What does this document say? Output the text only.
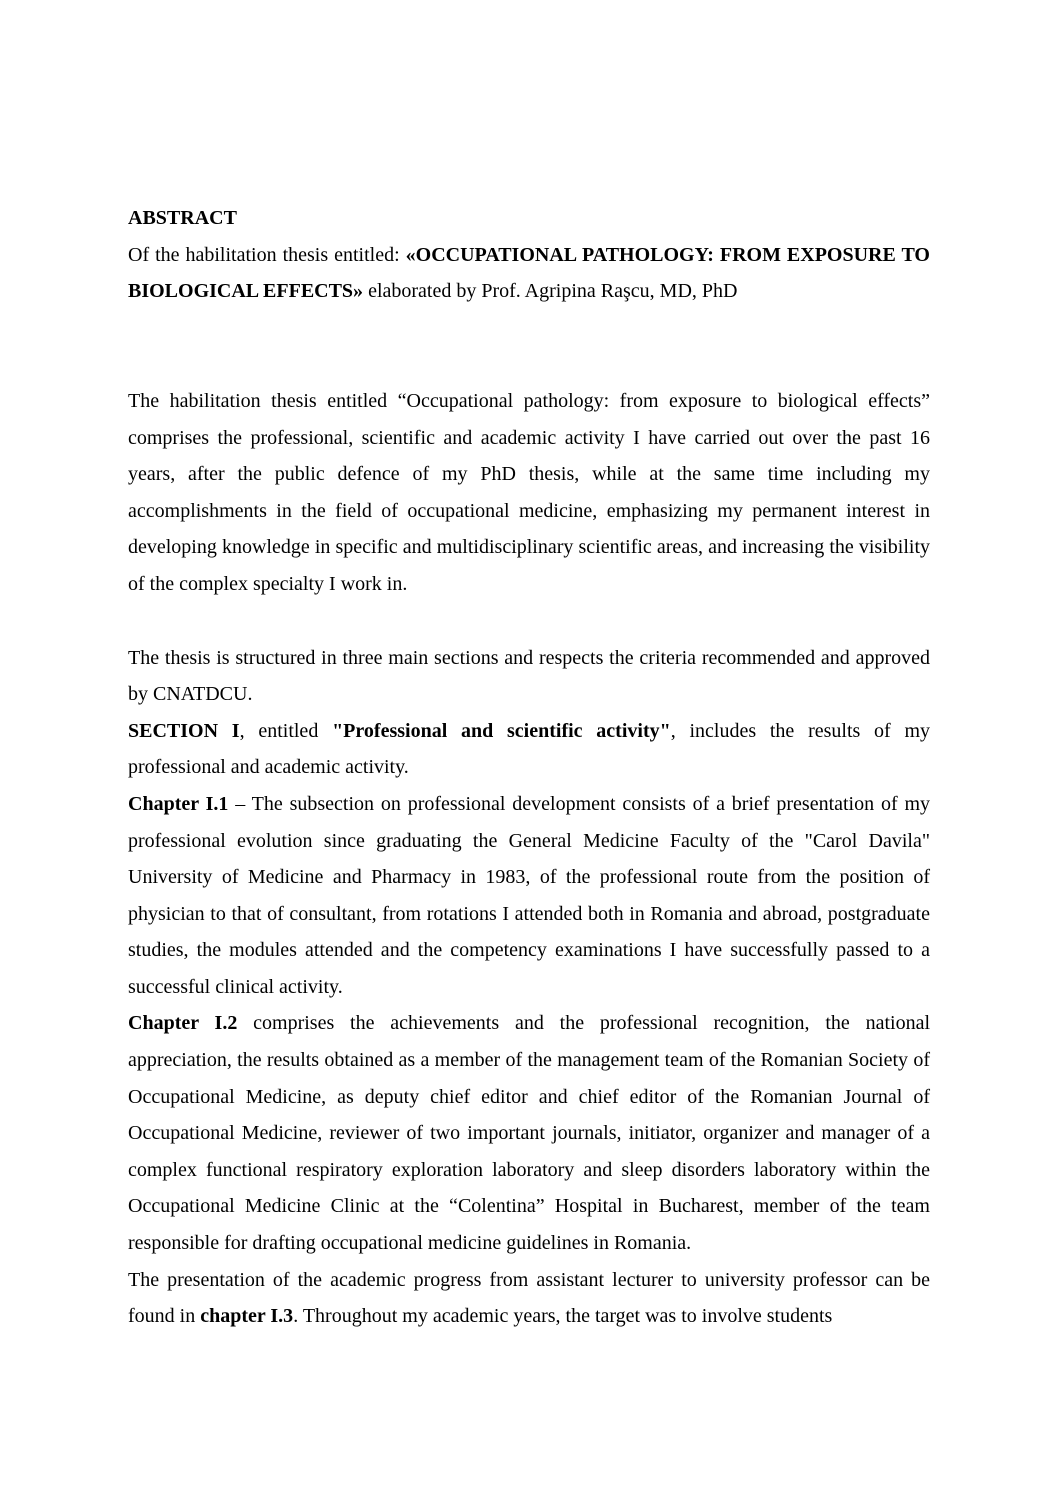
ABSTRACT

Of the habilitation thesis entitled: «OCCUPATIONAL PATHOLOGY: FROM EXPOSURE TO BIOLOGICAL EFFECTS» elaborated by Prof. Agripina Raşcu, MD, PhD

The habilitation thesis entitled “Occupational pathology: from exposure to biological effects” comprises the professional, scientific and academic activity I have carried out over the past 16 years, after the public defence of my PhD thesis, while at the same time including my accomplishments in the field of occupational medicine, emphasizing my permanent interest in developing knowledge in specific and multidisciplinary scientific areas, and increasing the visibility of the complex specialty I work in.

The thesis is structured in three main sections and respects the criteria recommended and approved by CNATDCU.

SECTION I, entitled "Professional and scientific activity", includes the results of my professional and academic activity.

Chapter I.1 – The subsection on professional development consists of a brief presentation of my professional evolution since graduating the General Medicine Faculty of the "Carol Davila" University of Medicine and Pharmacy in 1983, of the professional route from the position of physician to that of consultant, from rotations I attended both in Romania and abroad, postgraduate studies, the modules attended and the competency examinations I have successfully passed to a successful clinical activity.

Chapter I.2 comprises the achievements and the professional recognition, the national appreciation, the results obtained as a member of the management team of the Romanian Society of Occupational Medicine, as deputy chief editor and chief editor of the Romanian Journal of Occupational Medicine, reviewer of two important journals, initiator, organizer and manager of a complex functional respiratory exploration laboratory and sleep disorders laboratory within the Occupational Medicine Clinic at the “Colentina” Hospital in Bucharest, member of the team responsible for drafting occupational medicine guidelines in Romania.

The presentation of the academic progress from assistant lecturer to university professor can be found in chapter I.3. Throughout my academic years, the target was to involve students
